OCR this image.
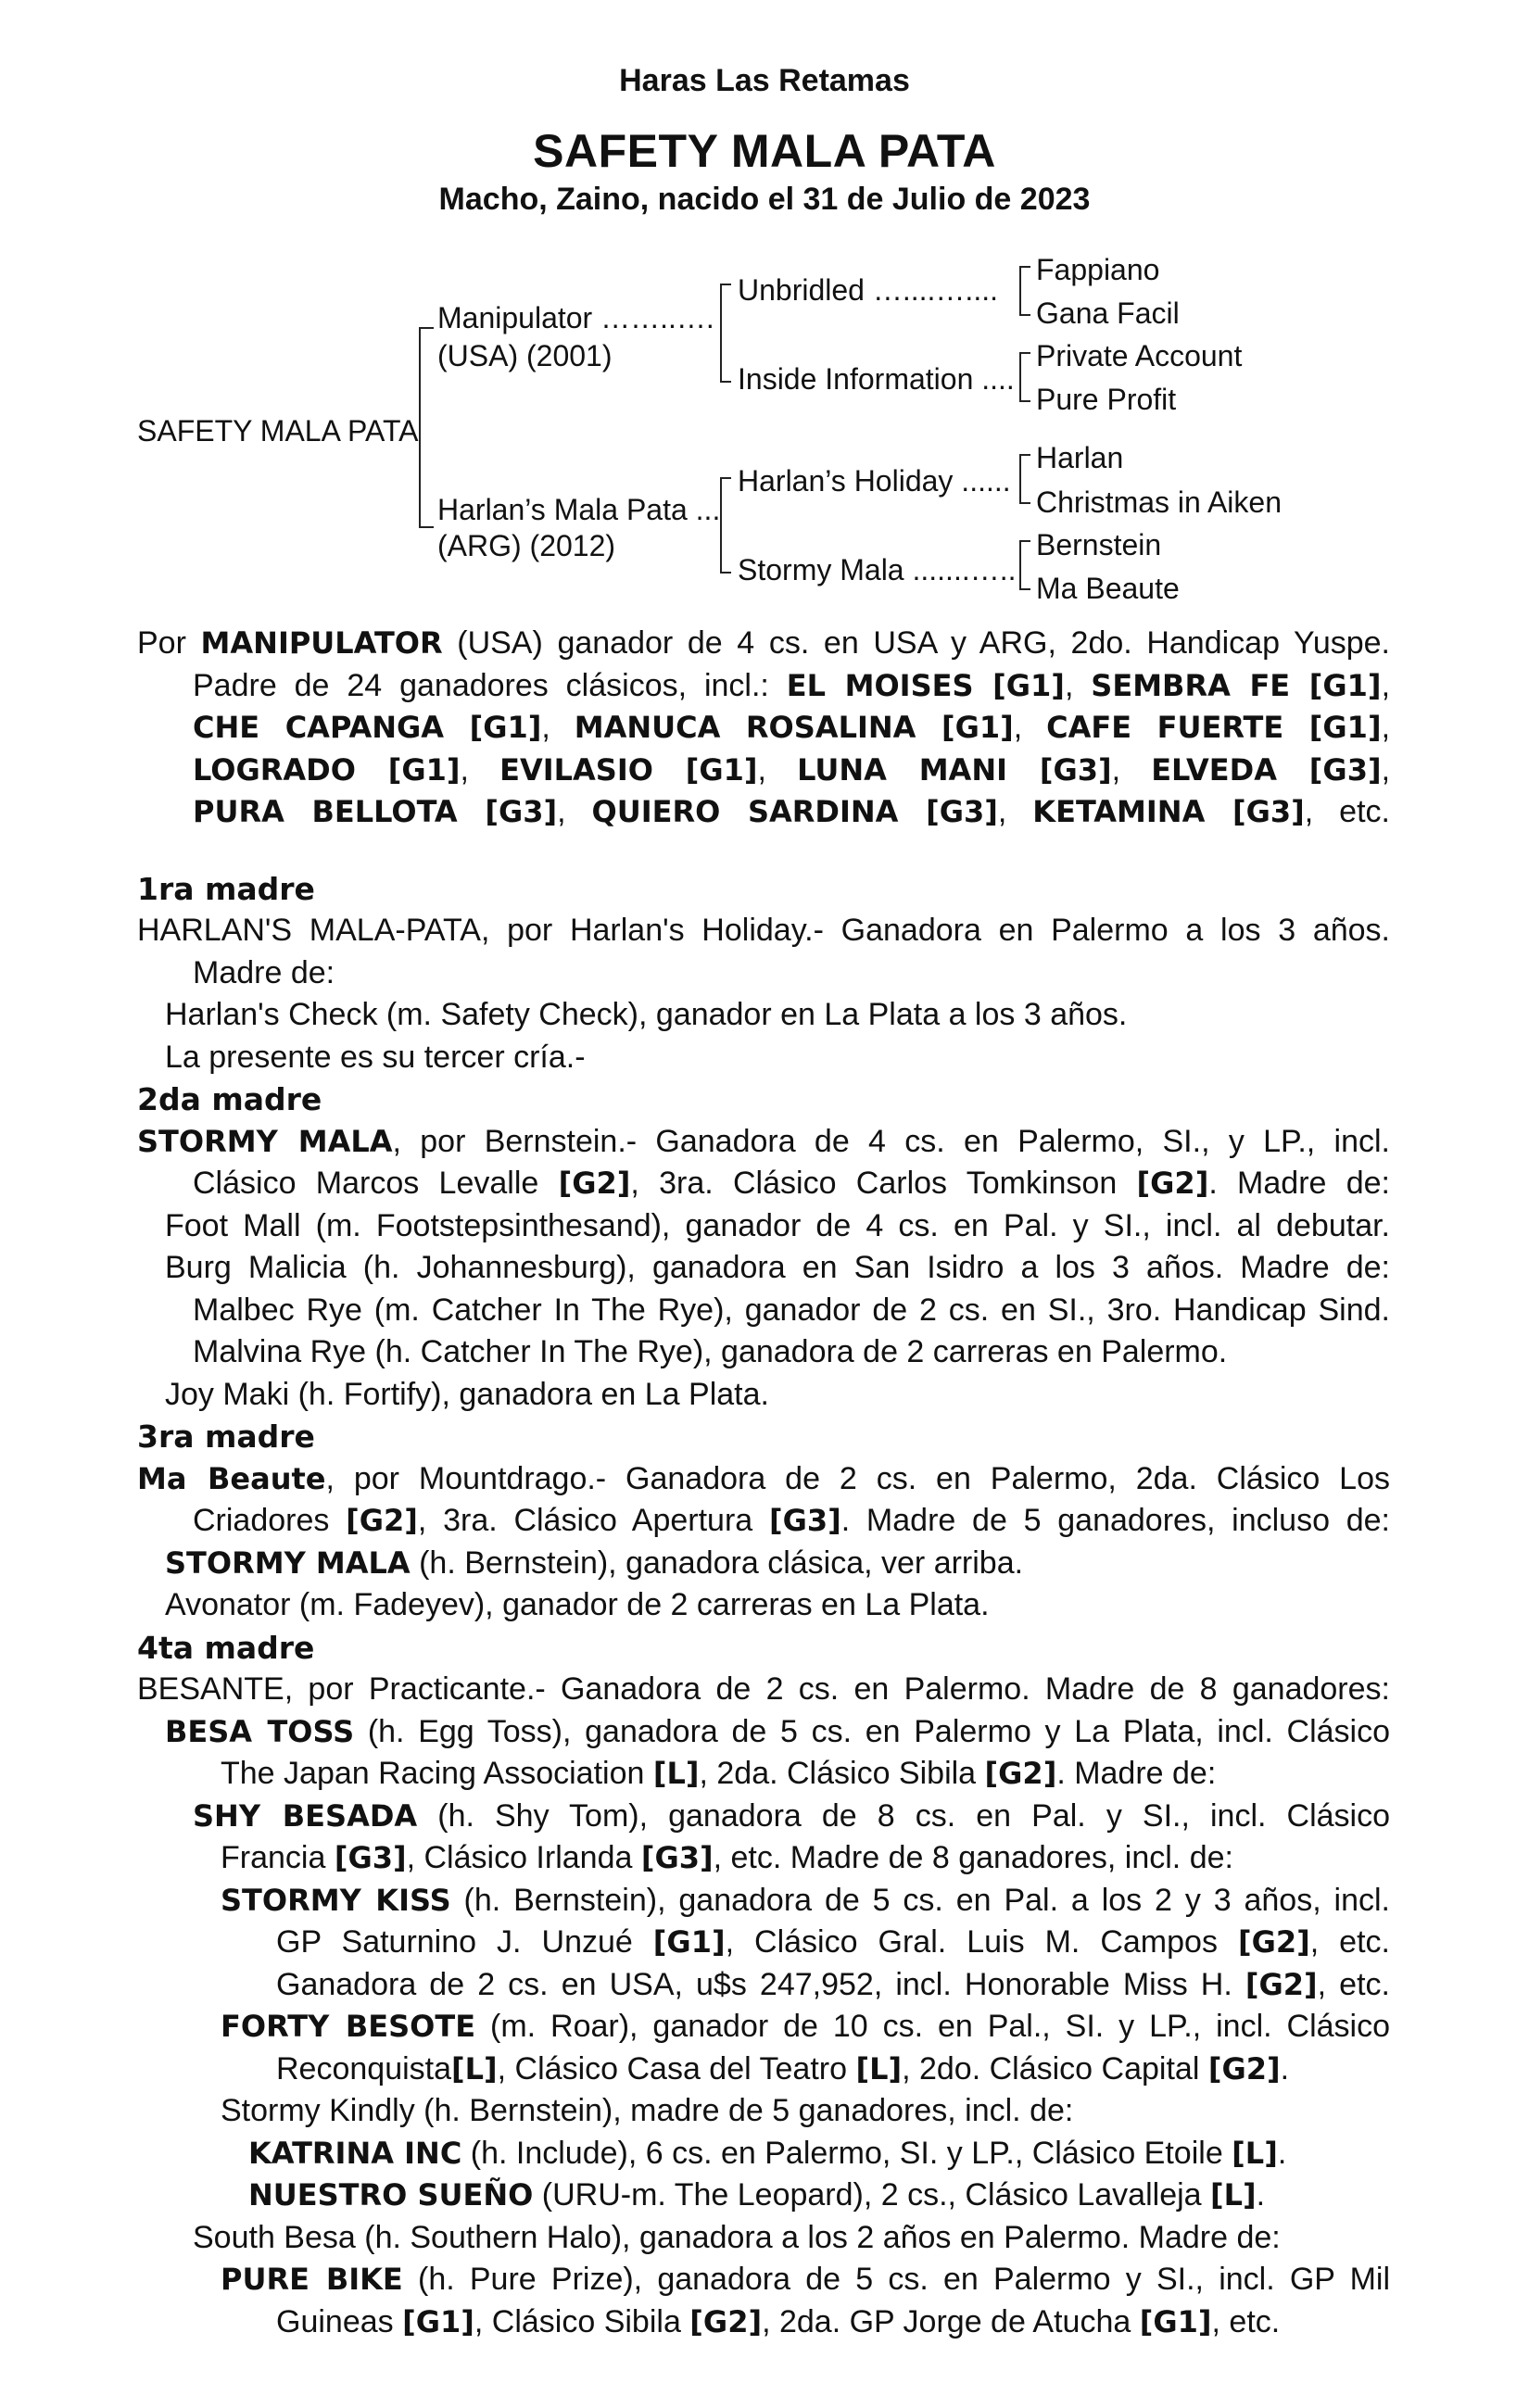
Haras Las Retamas
SAFETY MALA PATA
Macho, Zaino, nacido el 31 de Julio de 2023
SAFETY MALA PATA
Manipulator ……..….
(USA) (2001)
Harlan’s Mala Pata ...
(ARG) (2012)
Unbridled …....…....
Inside Information ....
Harlan’s Holiday ......
Stormy Mala .......…..
Fappiano
Gana Facil
Private Account
Pure Profit
Harlan
Christmas in Aiken
Bernstein
Ma Beaute
Por MANIPULATOR (USA) ganador de 4 cs. en USA y ARG, 2do. Handicap Yuspe.
Padre de 24 ganadores clásicos, incl.: EL MOISES [G1], SEMBRA FE [G1],
CHE CAPANGA [G1], MANUCA ROSALINA [G1], CAFE FUERTE [G1],
LOGRADO [G1], EVILASIO [G1], LUNA MANI [G3], ELVEDA [G3],
PURA BELLOTA [G3], QUIERO SARDINA [G3], KETAMINA [G3], etc.
1ra madre
HARLAN'S MALA-PATA, por Harlan's Holiday.- Ganadora en Palermo a los 3 años.
Madre de:
Harlan's Check (m. Safety Check), ganador en La Plata a los 3 años.
La presente es su tercer cría.-
2da madre
STORMY MALA, por Bernstein.- Ganadora de 4 cs. en Palermo, SI., y LP., incl.
Clásico Marcos Levalle [G2], 3ra. Clásico Carlos Tomkinson [G2]. Madre de:
Foot Mall (m. Footstepsinthesand), ganador de 4 cs. en Pal. y SI., incl. al debutar.
Burg Malicia (h. Johannesburg), ganadora en San Isidro a los 3 años. Madre de:
Malbec Rye (m. Catcher In The Rye), ganador de 2 cs. en SI., 3ro. Handicap Sind.
Malvina Rye (h. Catcher In The Rye), ganadora de 2 carreras en Palermo.
Joy Maki (h. Fortify), ganadora en La Plata.
3ra madre
Ma Beaute, por Mountdrago.- Ganadora de 2 cs. en Palermo, 2da. Clásico Los
Criadores [G2], 3ra. Clásico Apertura [G3]. Madre de 5 ganadores, incluso de:
STORMY MALA (h. Bernstein), ganadora clásica, ver arriba.
Avonator (m. Fadeyev), ganador de 2 carreras en La Plata.
4ta madre
BESANTE, por Practicante.- Ganadora de 2 cs. en Palermo. Madre de 8 ganadores:
BESA TOSS (h. Egg Toss), ganadora de 5 cs. en Palermo y La Plata, incl. Clásico
The Japan Racing Association [L], 2da. Clásico Sibila [G2]. Madre de:
SHY BESADA (h. Shy Tom), ganadora de 8 cs. en Pal. y SI., incl. Clásico
Francia [G3], Clásico Irlanda [G3], etc. Madre de 8 ganadores, incl. de:
STORMY KISS (h. Bernstein), ganadora de 5 cs. en Pal. a los 2 y 3 años, incl.
GP Saturnino J. Unzué [G1], Clásico Gral. Luis M. Campos [G2], etc.
Ganadora de 2 cs. en USA, u$s 247,952, incl. Honorable Miss H. [G2], etc.
FORTY BESOTE (m. Roar), ganador de 10 cs. en Pal., SI. y LP., incl. Clásico
Reconquista[L], Clásico Casa del Teatro [L], 2do. Clásico Capital [G2].
Stormy Kindly (h. Bernstein), madre de 5 ganadores, incl. de:
KATRINA INC (h. Include), 6 cs. en Palermo, SI. y LP., Clásico Etoile [L].
NUESTRO SUEÑO (URU-m. The Leopard), 2 cs., Clásico Lavalleja [L].
South Besa (h. Southern Halo), ganadora a los 2 años en Palermo. Madre de:
PURE BIKE (h. Pure Prize), ganadora de 5 cs. en Palermo y SI., incl. GP Mil
Guineas [G1], Clásico Sibila [G2], 2da. GP Jorge de Atucha [G1], etc.
